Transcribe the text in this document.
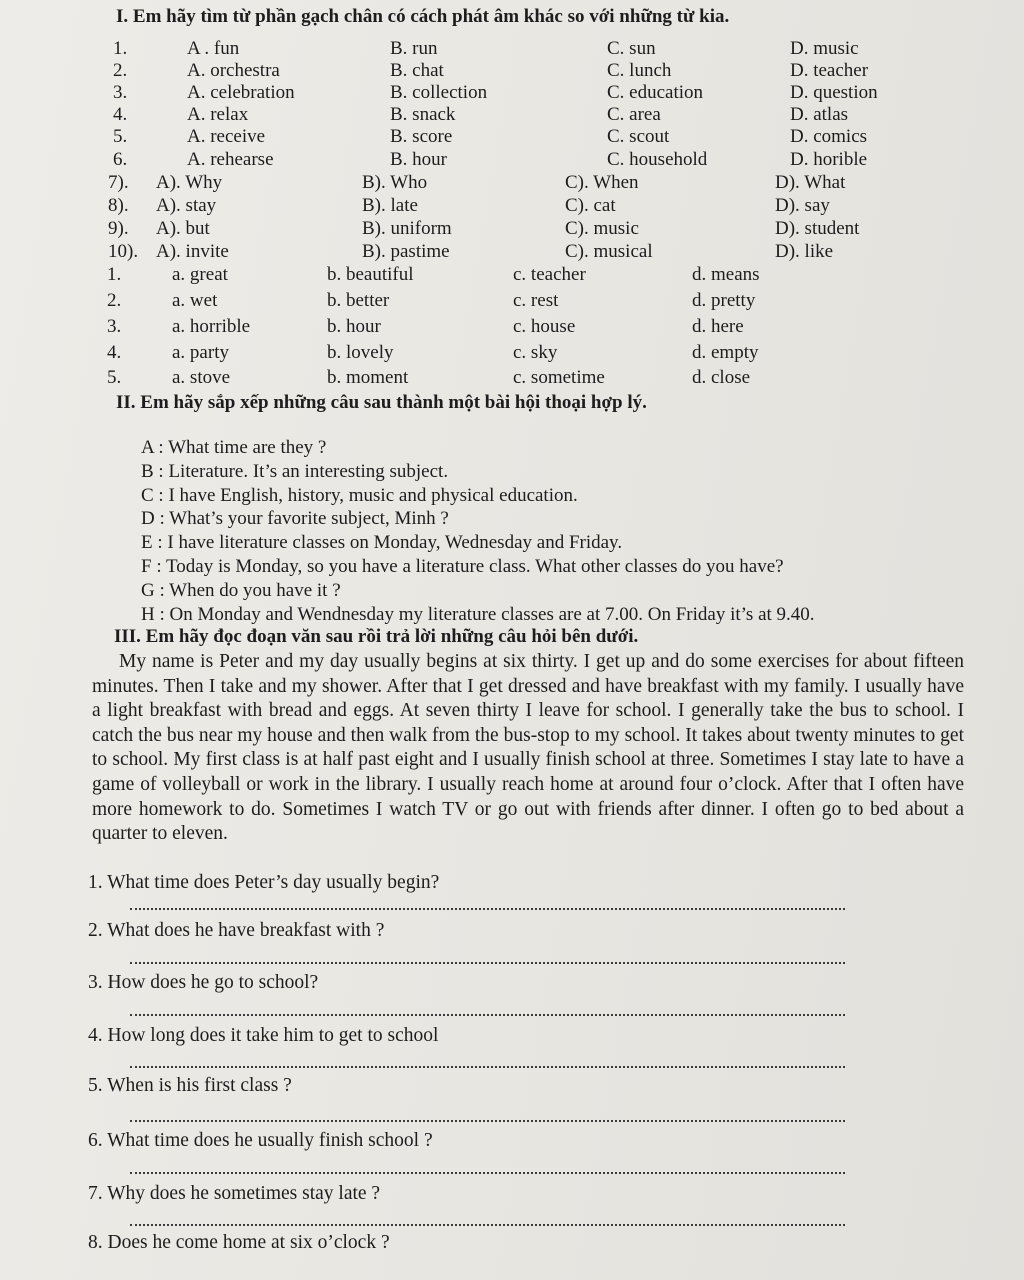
I. Em hãy tìm từ phần gạch chân có cách phát âm khác so với những từ kia.
1.	A . fun	B. run	C. sun	D. music
2.	A. orchestra	B. chat	C. lunch	D. teacher
3.	A. celebration	B. collection	C. education	D. question
4.	A. relax	B. snack	C. area	D. atlas
5.	A. receive	B. score	C. scout	D. comics
6.	A. rehearse	B. hour	C. household	D. horible
7). A). Why	B). Who	C). When	D). What
8). A). stay	B). late	C). cat	D). say
9). A). but	B). uniform	C). music	D). student
10). A). invite	B). pastime	C). musical	D). like
1.	a. great	b. beautiful	c. teacher	d. means
2.	a. wet	b. better	c. rest	d. pretty
3.	a. horrible	b. hour	c. house	d. here
4.	a. party	b. lovely	c. sky	d. empty
5.	a. stove	b. moment	c. sometime	d. close
II. Em hãy sắp xếp những câu sau thành một bài hội thoại hợp lý.
A : What time are they ?
B : Literature. It’s an interesting subject.
C : I have English, history, music and physical education.
D : What’s your favorite subject, Minh ?
E : I have literature classes on Monday, Wednesday and Friday.
F : Today is Monday, so you have a literature class. What other classes do you have?
G : When do you have it ?
H : On Monday and Wendnesday my literature classes are at 7.00. On Friday it’s at 9.40.
III. Em hãy đọc đoạn văn sau rồi trả lời những câu hỏi bên dưới.

My name is Peter and my day usually begins at six thirty. I get up and do some exercises for about fifteen minutes. Then I take and my shower. After that I get dressed and have breakfast with my family. I usually have a light breakfast with bread and eggs. At seven thirty I leave for school. I generally take the bus to school. I catch the bus near my house and then walk from the bus-stop to my school. It takes about twenty minutes to get to school. My first class is at half past eight and I usually finish school at three. Sometimes I stay late to have a game of volleyball or work in the library. I usually reach home at around four o’clock. After that I often have more homework to do. Sometimes I watch TV or go out with friends after dinner. I often go to bed about a quarter to eleven.

1. What time does Peter’s day usually begin?
2. What does he have breakfast with ?
3. How does he go to school?
4. How long does it take him to get to school
5. When is his first class ?
6. What time does he usually finish school ?
7. Why does he sometimes stay late ?
8. Does he come home at six o’clock ?
